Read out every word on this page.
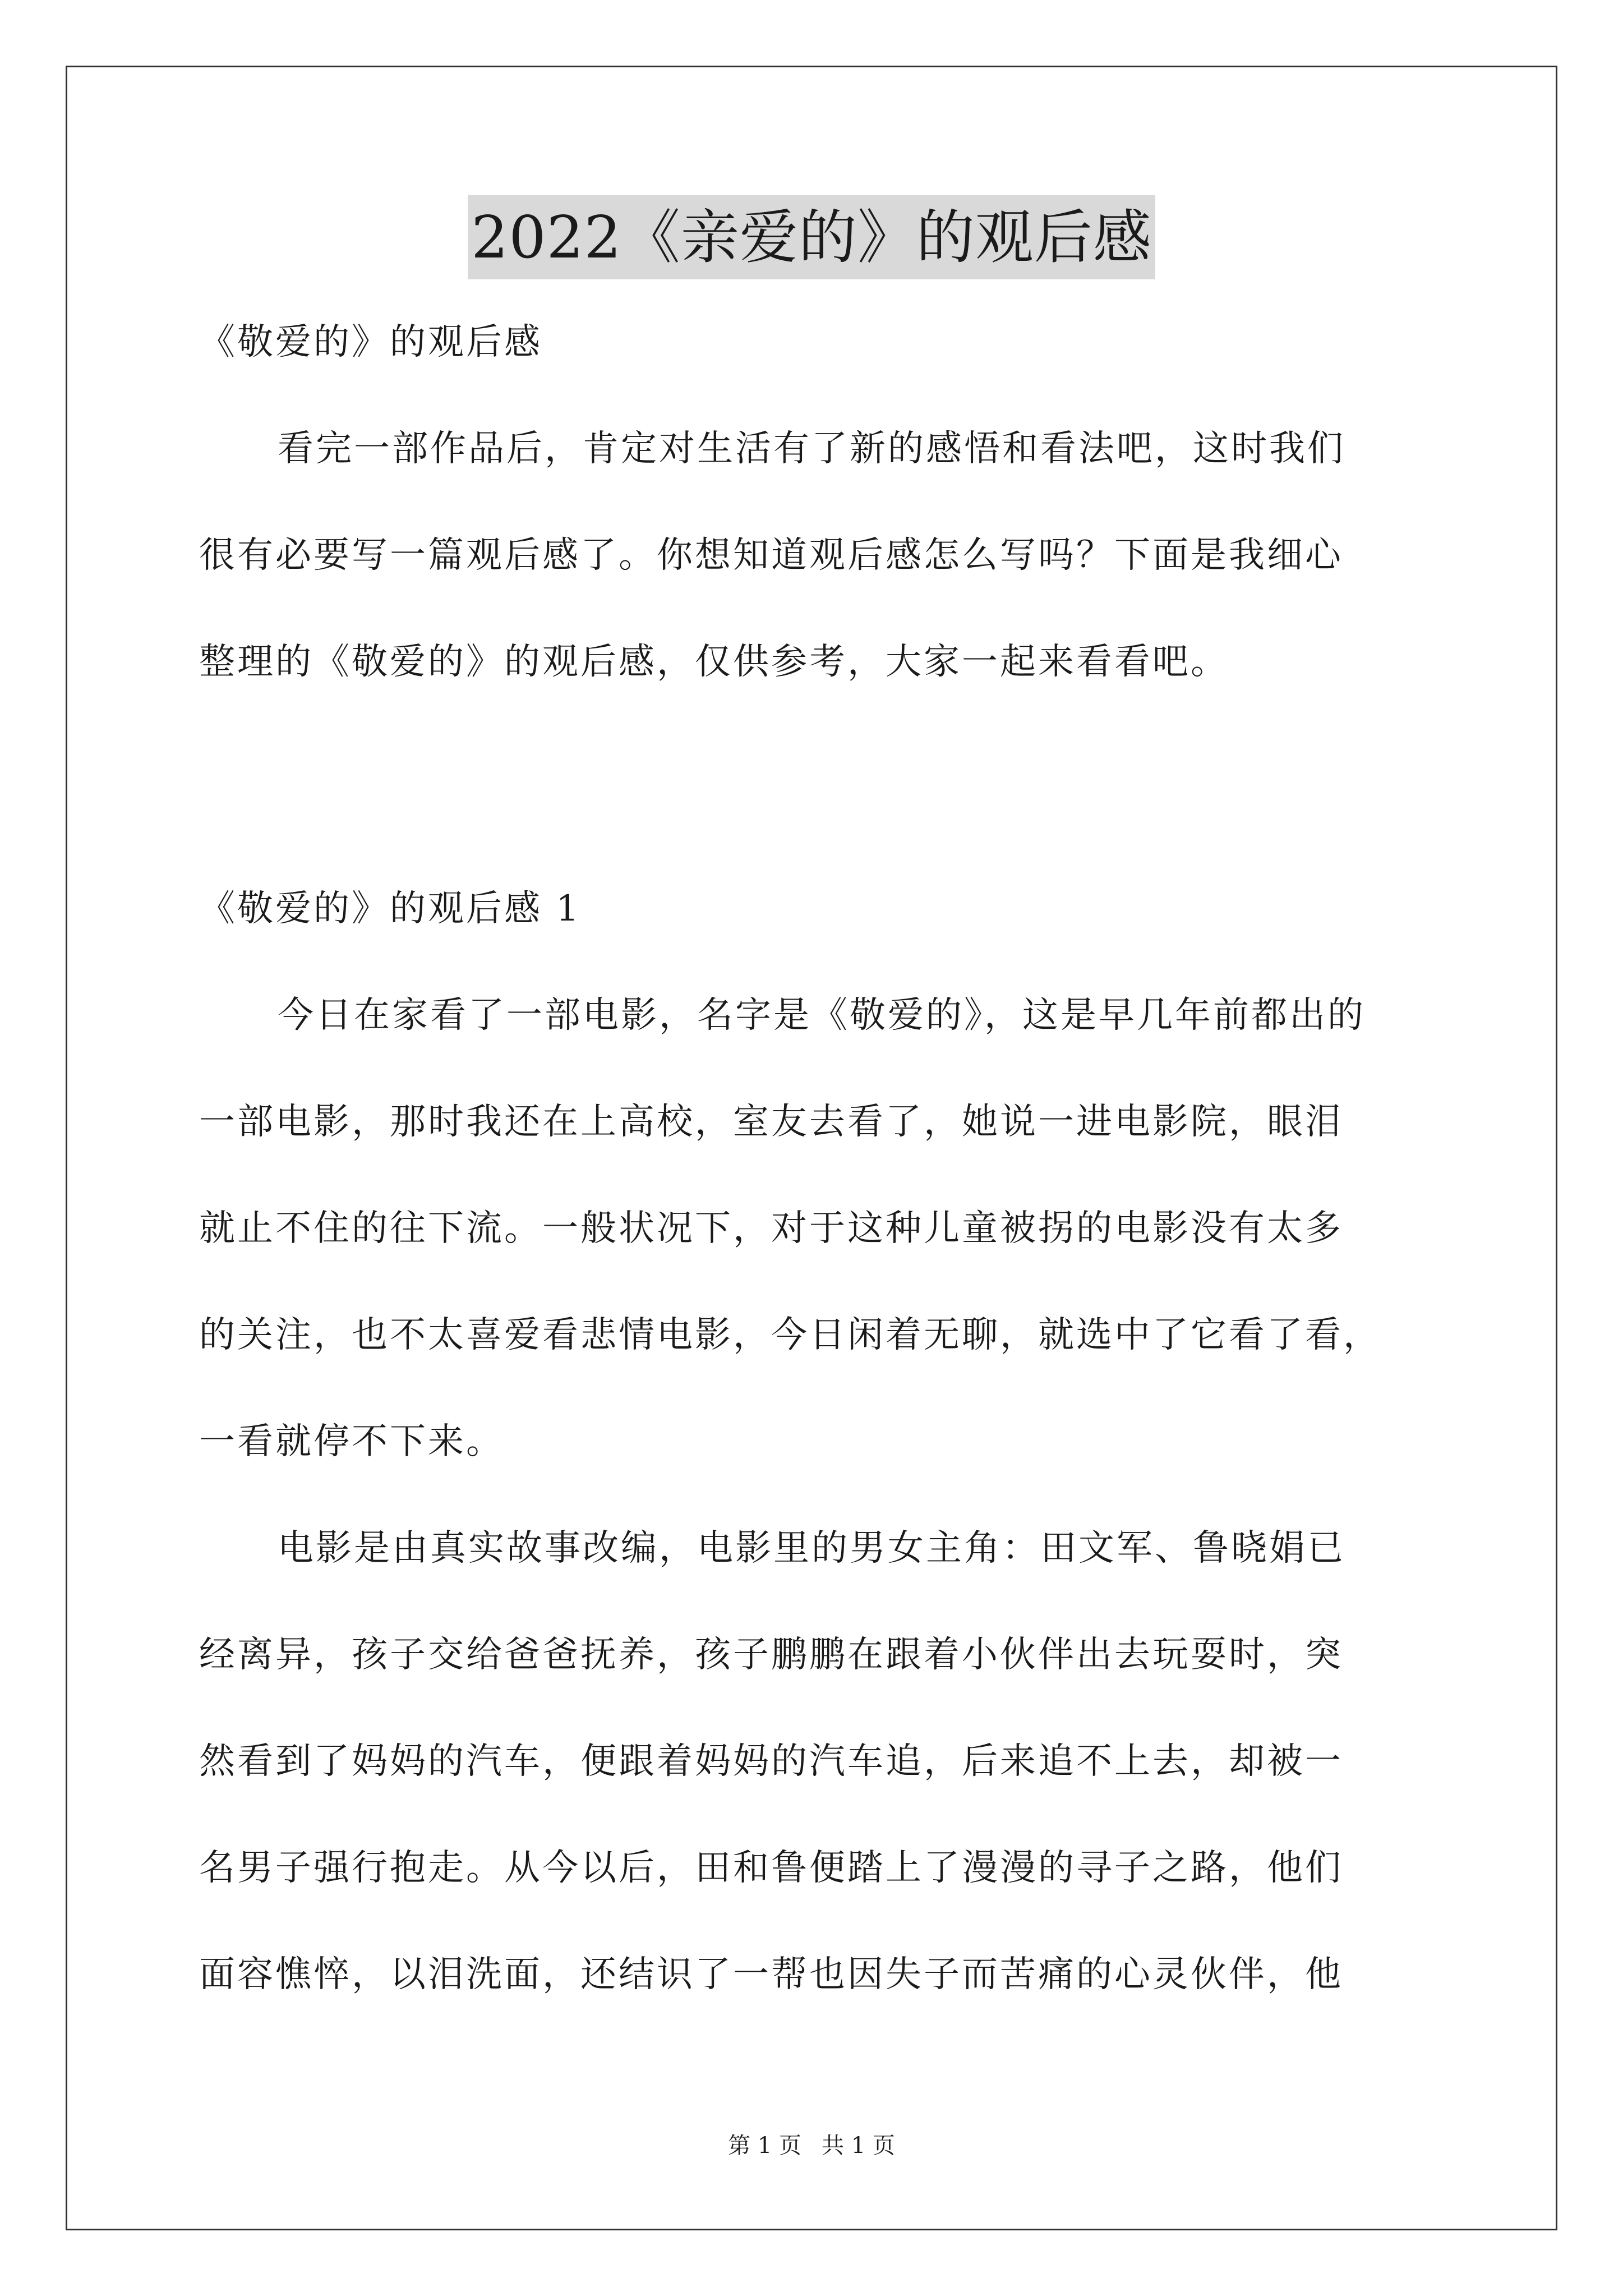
2022《亲爱的》的观后感
《敬爱的》的观后感
看完一部作品后，肯定对生活有了新的感悟和看法吧，这时我们
很有必要写一篇观后感了。你想知道观后感怎么写吗？下面是我细心
整理的《敬爱的》的观后感，仅供参考，大家一起来看看吧。
《敬爱的》的观后感 1
今日在家看了一部电影，名字是《敬爱的》，这是早几年前都出的
一部电影，那时我还在上高校，室友去看了，她说一进电影院，眼泪
就止不住的往下流。一般状况下，对于这种儿童被拐的电影没有太多
的关注，也不太喜爱看悲情电影，今日闲着无聊，就选中了它看了看，
一看就停不下来。
电影是由真实故事改编，电影里的男女主角：田文军、鲁晓娟已
经离异，孩子交给爸爸抚养，孩子鹏鹏在跟着小伙伴出去玩耍时，突
然看到了妈妈的汽车，便跟着妈妈的汽车追，后来追不上去，却被一
名男子强行抱走。从今以后，田和鲁便踏上了漫漫的寻子之路，他们
面容憔悴，以泪洗面，还结识了一帮也因失子而苦痛的心灵伙伴，他
第 1 页 共 1 页
